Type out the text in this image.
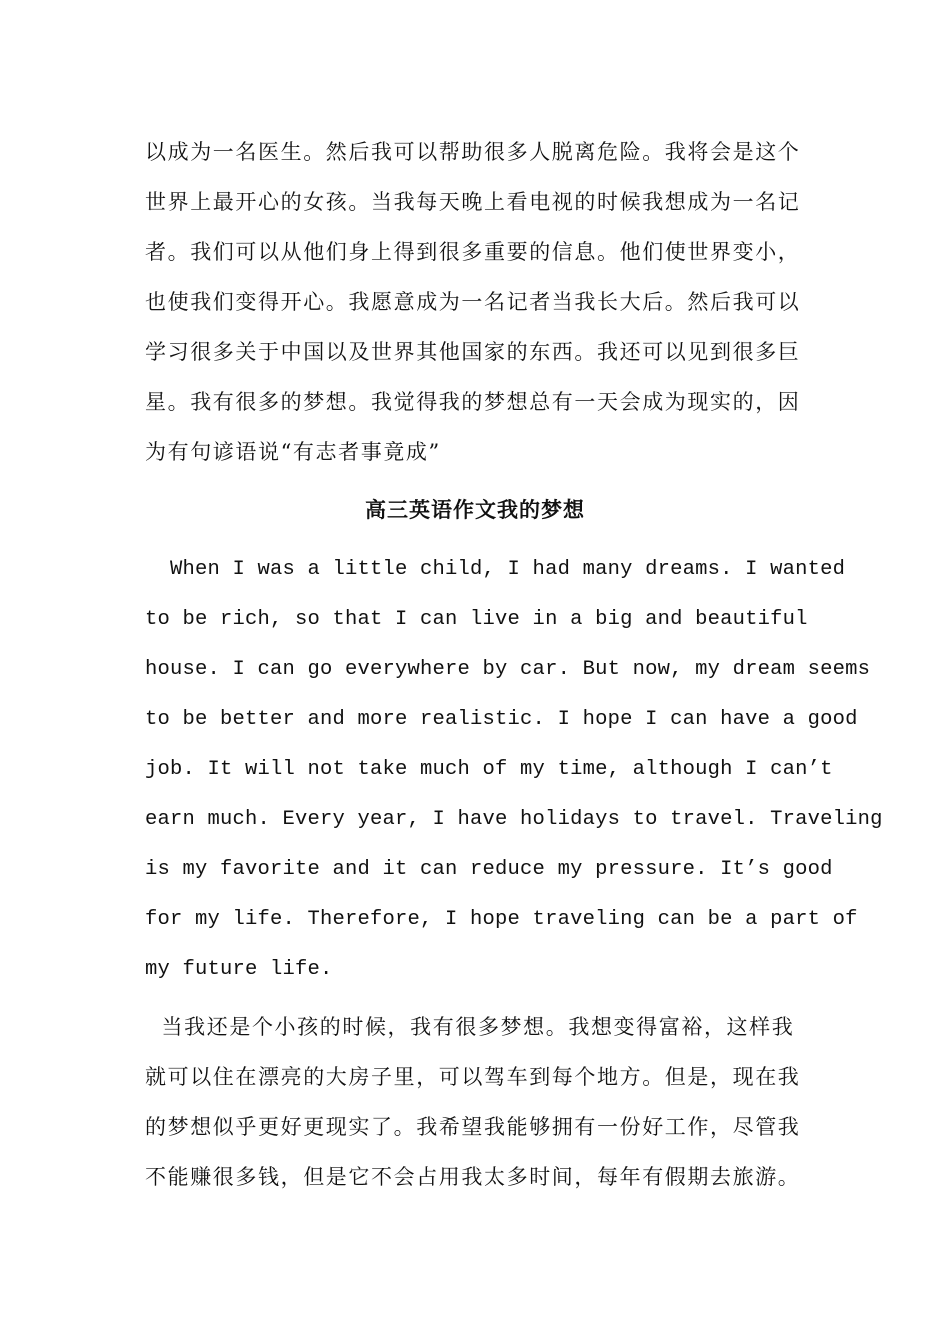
以成为一名医生。然后我可以帮助很多人脱离危险。我将会是这个
世界上最开心的女孩。当我每天晚上看电视的时候我想成为一名记
者。我们可以从他们身上得到很多重要的信息。他们使世界变小，
也使我们变得开心。我愿意成为一名记者当我长大后。然后我可以
学习很多关于中国以及世界其他国家的东西。我还可以见到很多巨
星。我有很多的梦想。我觉得我的梦想总有一天会成为现实的，因
为有句谚语说“有志者事竟成”
高三英语作文我的梦想
When I was a little child, I had many dreams. I wanted
to be rich, so that I can live in a big and beautiful
house. I can go everywhere by car. But now, my dream seems
to be better and more realistic. I hope I can have a good
job. It will not take much of my time, although I can’t
earn much. Every year, I have holidays to travel. Traveling
is my favorite and it can reduce my pressure. It’s good
for my life. Therefore, I hope traveling can be a part of
my future life.
当我还是个小孩的时候，我有很多梦想。我想变得富裕，这样我
就可以住在漂亮的大房子里，可以驾车到每个地方。但是，现在我
的梦想似乎更好更现实了。我希望我能够拥有一份好工作，尽管我
不能赚很多钱，但是它不会占用我太多时间，每年有假期去旅游。
